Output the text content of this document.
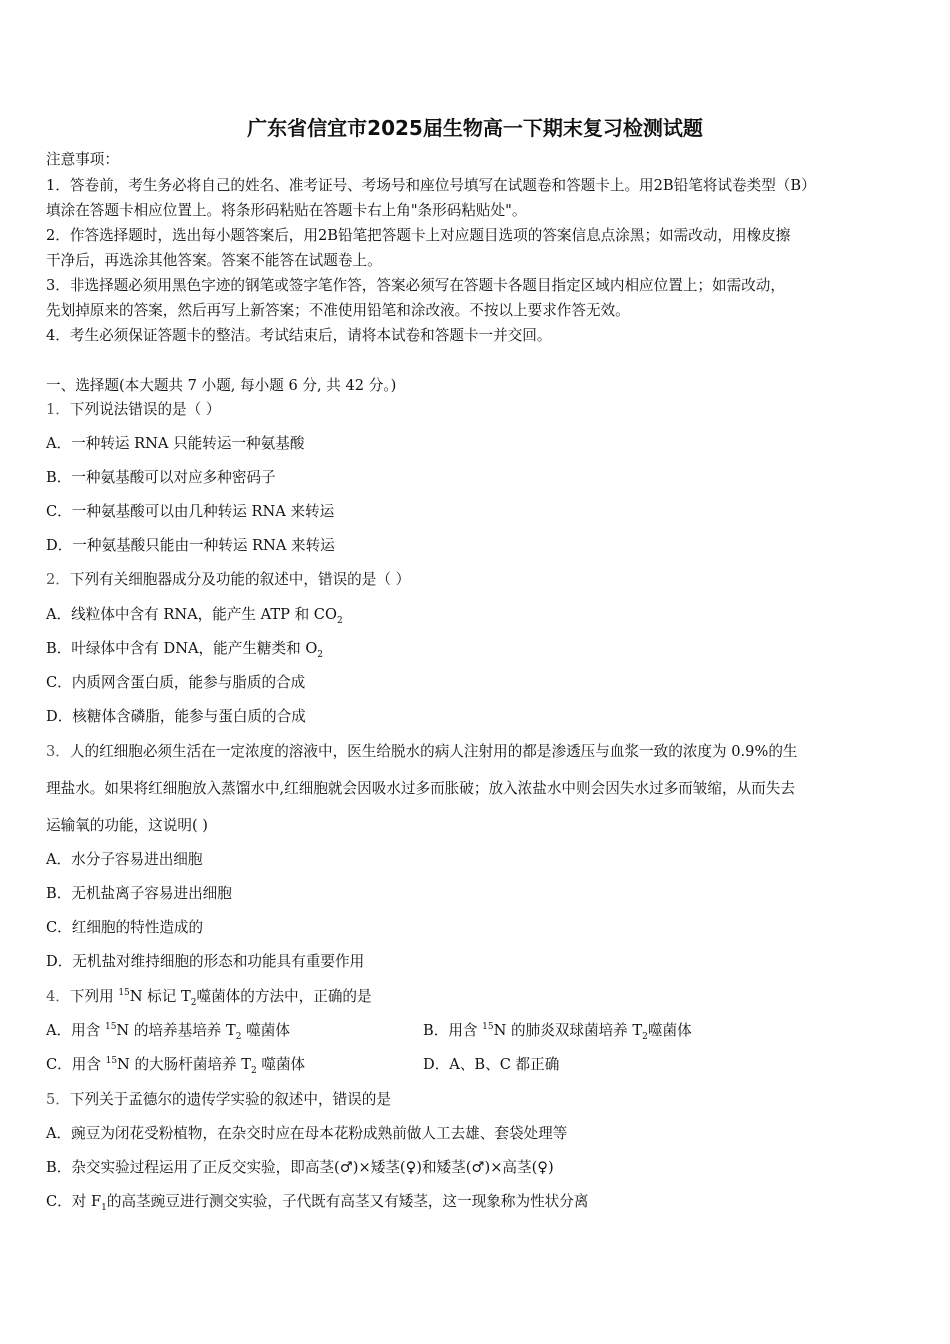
广东省信宜市2025届生物高一下期末复习检测试题
注意事项：
1．答卷前，考生务必将自己的姓名、准考证号、考场号和座位号填写在试题卷和答题卡上。用2B铅笔将试卷类型（B）
填涂在答题卡相应位置上。将条形码粘贴在答题卡右上角"条形码粘贴处"。
2．作答选择题时，选出每小题答案后，用2B铅笔把答题卡上对应题目选项的答案信息点涂黑；如需改动，用橡皮擦
干净后，再选涂其他答案。答案不能答在试题卷上。
3．非选择题必须用黑色字迹的钢笔或签字笔作答，答案必须写在答题卡各题目指定区域内相应位置上；如需改动，
先划掉原来的答案，然后再写上新答案；不准使用铅笔和涂改液。不按以上要求作答无效。
4．考生必须保证答题卡的整洁。考试结束后，请将本试卷和答题卡一并交回。
一、选择题(本大题共 7 小题, 每小题 6 分, 共 42 分。)
1．下列说法错误的是（ ）
A．一种转运 RNA 只能转运一种氨基酸
B．一种氨基酸可以对应多种密码子
C．一种氨基酸可以由几种转运 RNA 来转运
D．一种氨基酸只能由一种转运 RNA 来转运
2．下列有关细胞器成分及功能的叙述中，错误的是（ ）
A．线粒体中含有 RNA，能产生 ATP 和 $CO_2$
B．叶绿体中含有 DNA，能产生糖类和 $O_2$
C．内质网含蛋白质，能参与脂质的合成
D．核糖体含磷脂，能参与蛋白质的合成
3．人的红细胞必须生活在一定浓度的溶液中，医生给脱水的病人注射用的都是渗透压与血浆一致的浓度为 0.9%的生
理盐水。如果将红细胞放入蒸馏水中,红细胞就会因吸水过多而胀破；放入浓盐水中则会因失水过多而皱缩，从而失去
运输氧的功能，这说明( )
A．水分子容易进出细胞
B．无机盐离子容易进出细胞
C．红细胞的特性造成的
D．无机盐对维持细胞的形态和功能具有重要作用
4．下列用 $^{15}$N 标记 $T_2$噬菌体的方法中，正确的是
A．用含 $^{15}$N 的培养基培养 $T_2$ 噬菌体	B．用含 $^{15}$N 的肺炎双球菌培养 $T_2$噬菌体
C．用含 $^{15}$N 的大肠杆菌培养 $T_2$ 噬菌体	D．A、B、C 都正确
5．下列关于孟德尔的遗传学实验的叙述中，错误的是
A．豌豆为闭花受粉植物，在杂交时应在母本花粉成熟前做人工去雄、套袋处理等
B．杂交实验过程运用了正反交实验，即高茎(♂)×矮茎(♀)和矮茎(♂)×高茎(♀)
C．对 $F_1$的高茎豌豆进行测交实验，子代既有高茎又有矮茎，这一现象称为性状分离
